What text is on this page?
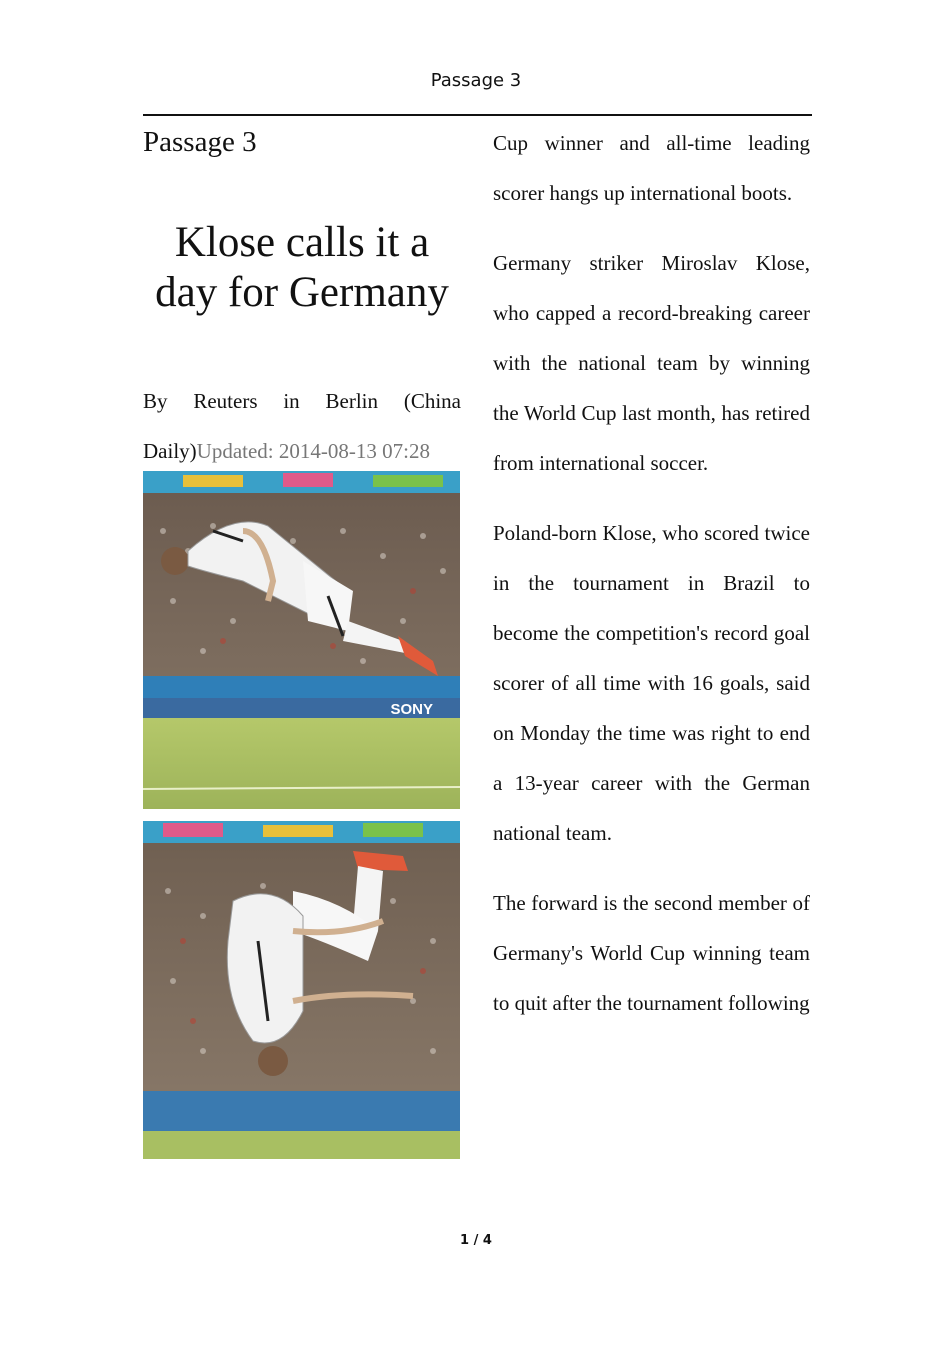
Passage 3
Passage 3
Klose calls it a day for Germany
By Reuters in Berlin (China Daily)Updated: 2014-08-13 07:28
SONY

Cup winner and all-time leading scorer hangs up international boots.

Germany striker Miroslav Klose, who capped a record-breaking career with the national team by winning the World Cup last month, has retired from international soccer.

Poland-born Klose, who scored twice in the tournament in Brazil to become the competition's record goal scorer of all time with 16 goals, said on Monday the time was right to end a 13-year career with the German national team.

The forward is the second member of Germany's World Cup winning team to quit after the tournament following

1 / 4
